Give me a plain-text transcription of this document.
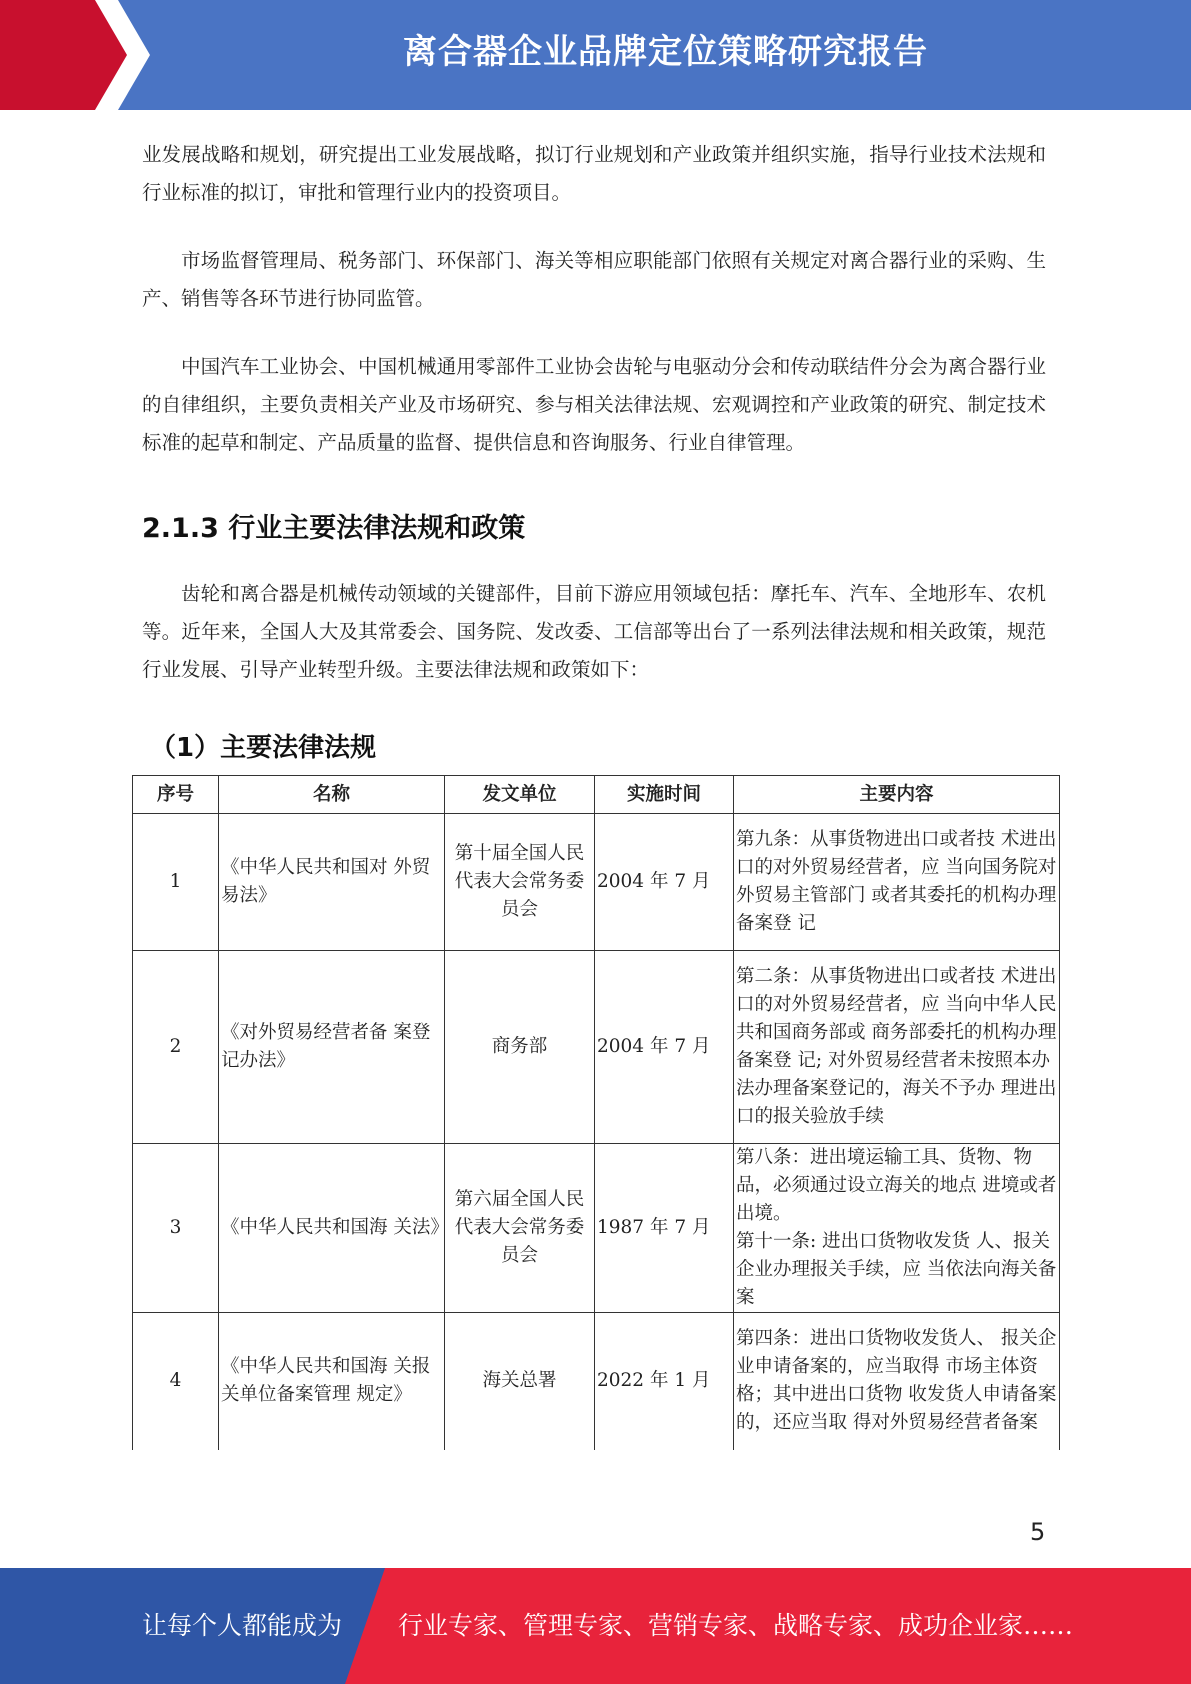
离合器企业品牌定位策略研究报告

业发展战略和规划，研究提出工业发展战略，拟订行业规划和产业政策并组织实施，指导行业技术法规和行业标准的拟订，审批和管理行业内的投资项目。

市场监督管理局、税务部门、环保部门、海关等相应职能部门依照有关规定对离合器行业的采购、生产、销售等各环节进行协同监管。

中国汽车工业协会、中国机械通用零部件工业协会齿轮与电驱动分会和传动联结件分会为离合器行业的自律组织，主要负责相关产业及市场研究、参与相关法律法规、宏观调控和产业政策的研究、制定技术标准的起草和制定、产品质量的监督、提供信息和咨询服务、行业自律管理。

2.1.3 行业主要法律法规和政策

齿轮和离合器是机械传动领域的关键部件，目前下游应用领域包括：摩托车、汽车、全地形车、农机等。近年来，全国人大及其常委会、国务院、发改委、工信部等出台了一系列法律法规和相关政策，规范行业发展、引导产业转型升级。主要法律法规和政策如下：

（1）主要法律法规
序号	名称	发文单位	实施时间	主要内容
1	《中华人民共和国对 外贸易法》	第十届全国人民代表大会常务委员会	2004 年 7 月	第九条：从事货物进出口或者技 术进出口的对外贸易经营者，应 当向国务院对外贸易主管部门 或者其委托的机构办理备案登 记
2	《对外贸易经营者备 案登记办法》	商务部	2004 年 7 月	第二条：从事货物进出口或者技 术进出口的对外贸易经营者，应 当向中华人民共和国商务部或 商务部委托的机构办理备案登 记; 对外贸易经营者未按照本办 法办理备案登记的，海关不予办 理进出口的报关验放手续
3	《中华人民共和国海 关法》	第六届全国人民代表大会常务委员会	1987 年 7 月	第八条：进出境运输工具、货物、物品，必须通过设立海关的地点 进境或者出境。
第十一条: 进出口货物收发货 人、报关企业办理报关手续，应 当依法向海关备案
4	《中华人民共和国海 关报关单位备案管理 规定》	海关总署	2022 年 1 月	第四条：进出口货物收发货人、 报关企业申请备案的，应当取得 市场主体资格；其中进出口货物 收发货人申请备案的，还应当取 得对外贸易经营者备案
5
让每个人都能成为 行业专家、管理专家、营销专家、战略专家、成功企业家……
